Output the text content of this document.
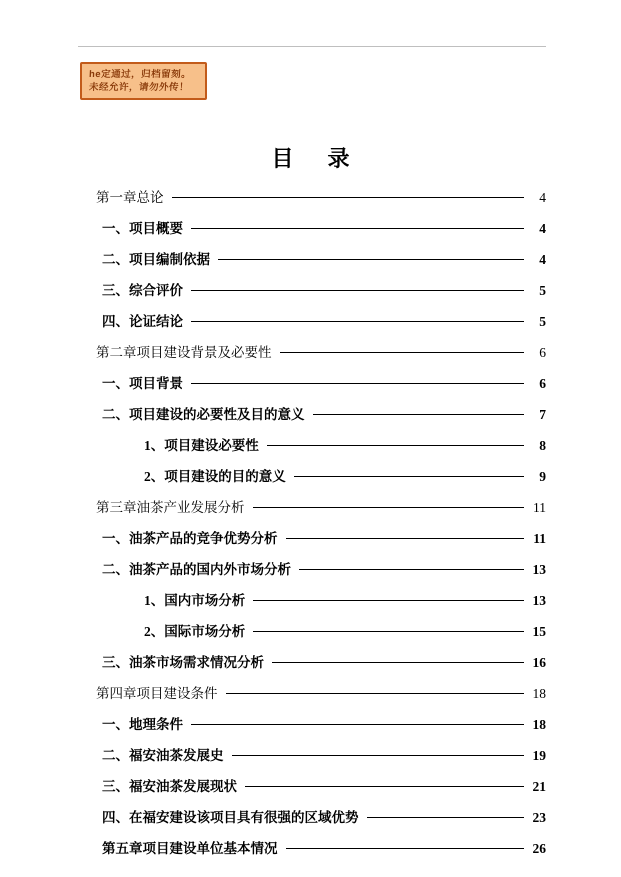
he定通过，归档留刻。
未经允许，请勿外传！
目 录
第一章总论	4
一、项目概要	4
二、项目编制依据	4
三、综合评价	5
四、论证结论	5
第二章项目建设背景及必要性	6
一、项目背景	6
二、项目建设的必要性及目的意义	7
1、项目建设必要性	8
2、项目建设的目的意义	9
第三章油茶产业发展分析	11
一、油茶产品的竞争优势分析	11
二、油茶产品的国内外市场分析	13
1、国内市场分析	13
2、国际市场分析	15
三、油茶市场需求情况分析	16
第四章项目建设条件	18
一、地理条件	18
二、福安油茶发展史	19
三、福安油茶发展现状	21
四、在福安建设该项目具有很强的区域优势	23
第五章项目建设单位基本情况	26
